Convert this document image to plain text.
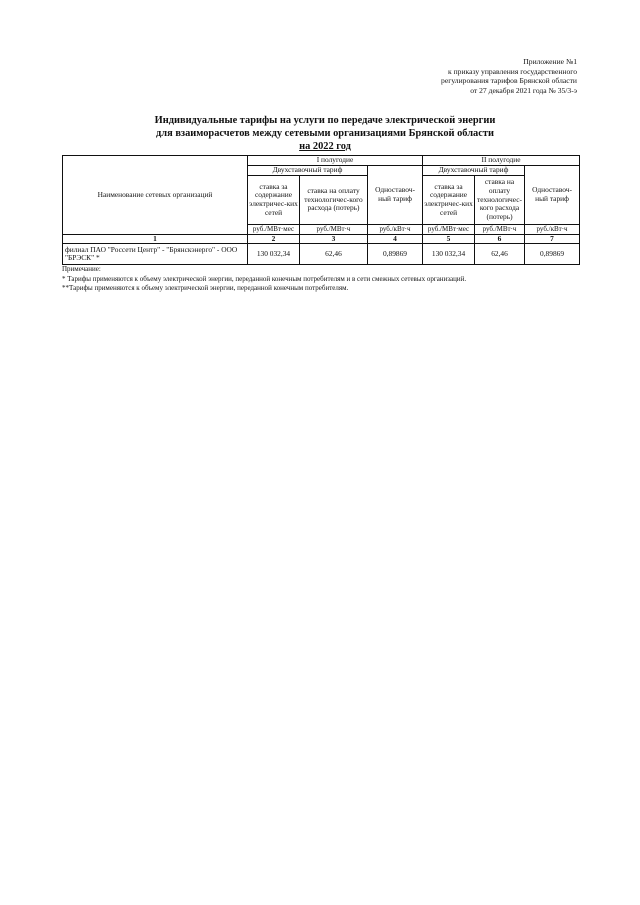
Приложение №1
к приказу управления государственного
регулирования тарифов Брянской области
от 27 декабря 2021 года № 35/3-э
Индивидуальные тарифы на услуги по передаче электрической энергии
для взаиморасчетов между сетевыми организациями Брянской области
на 2022 год
Наименование сетевых организаций	I полугодие			II полугодие		
	Двухставочный тариф		Одноставоч-ный тариф	Двухставочный тариф		Одноставоч-ный тариф
	ставка за содержание электричес-ких сетей	ставка на оплату технологичес-кого расхода (потерь)		ставка за содержание электричес-ких сетей	ставка на оплату технологичес-кого расхода (потерь)	
	руб./МВт·мес	руб./МВт·ч	руб./кВт·ч	руб./МВт·мес	руб./МВт·ч	руб./кВт·ч
1	2	3	4	5	6	7
филиал ПАО "Россети Центр" - "Брянскэнерго" - ООО "БРЭСК" *	130 032,34	62,46	0,89869	130 032,34	62,46	0,89869
Примечание:
* Тарифы применяются к объему электрической энергии, переданной конечным потребителям и в сети смежных сетевых организаций.
**Тарифы применяются к объему электрической энергии, переданной конечным потребителям.
